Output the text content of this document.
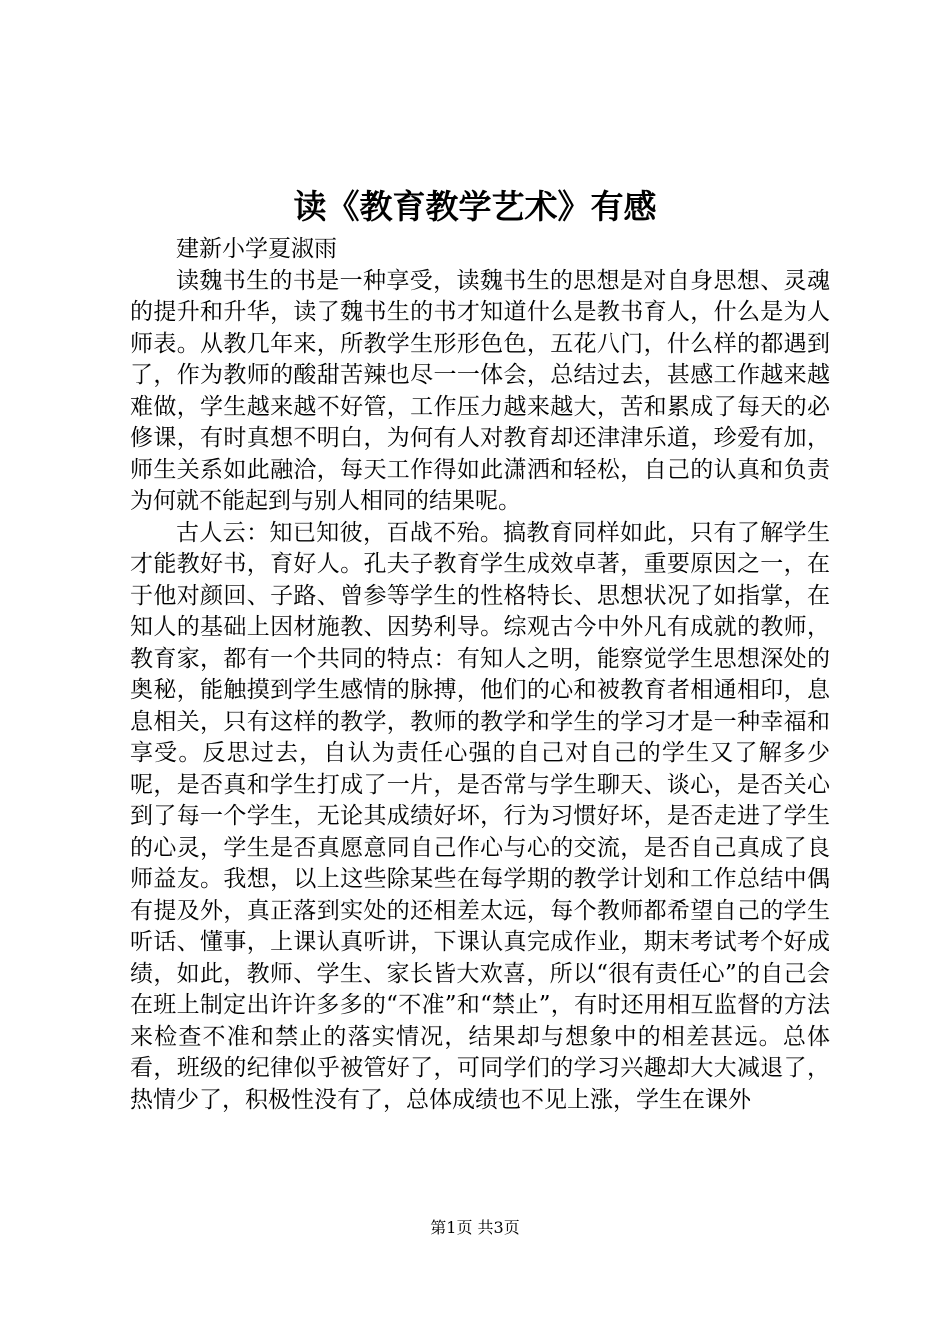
读《教育教学艺术》有感

建新小学夏淑雨

读魏书生的书是一种享受，读魏书生的思想是对自身思想、灵魂的提升和升华，读了魏书生的书才知道什么是教书育人，什么是为人师表。从教几年来，所教学生形形色色，五花八门，什么样的都遇到了，作为教师的酸甜苦辣也尽一一体会，总结过去，甚感工作越来越难做，学生越来越不好管，工作压力越来越大，苦和累成了每天的必修课，有时真想不明白，为何有人对教育却还津津乐道，珍爱有加，师生关系如此融洽，每天工作得如此潇洒和轻松，自己的认真和负责为何就不能起到与别人相同的结果呢。

古人云：知已知彼，百战不殆。搞教育同样如此，只有了解学生才能教好书，育好人。孔夫子教育学生成效卓著，重要原因之一，在于他对颜回、子路、曾参等学生的性格特长、思想状况了如指掌，在知人的基础上因材施教、因势利导。综观古今中外凡有成就的教师，教育家，都有一个共同的特点：有知人之明，能察觉学生思想深处的奥秘，能触摸到学生感情的脉搏，他们的心和被教育者相通相印，息息相关，只有这样的教学，教师的教学和学生的学习才是一种幸福和享受。反思过去，自认为责任心强的自己对自己的学生又了解多少呢，是否真和学生打成了一片，是否常与学生聊天、谈心，是否关心到了每一个学生，无论其成绩好坏，行为习惯好坏，是否走进了学生的心灵，学生是否真愿意同自己作心与心的交流，是否自己真成了良师益友。我想，以上这些除某些在每学期的教学计划和工作总结中偶有提及外，真正落到实处的还相差太远，每个教师都希望自己的学生听话、懂事，上课认真听讲，下课认真完成作业，期末考试考个好成绩，如此，教师、学生、家长皆大欢喜，所以“很有责任心”的自己会在班上制定出许许多多的“不准”和“禁止”，有时还用相互监督的方法来检查不准和禁止的落实情况，结果却与想象中的相差甚远。总体看，班级的纪律似乎被管好了，可同学们的学习兴趣却大大减退了，热情少了，积极性没有了，总体成绩也不见上涨，学生在课外

第1页 共3页
